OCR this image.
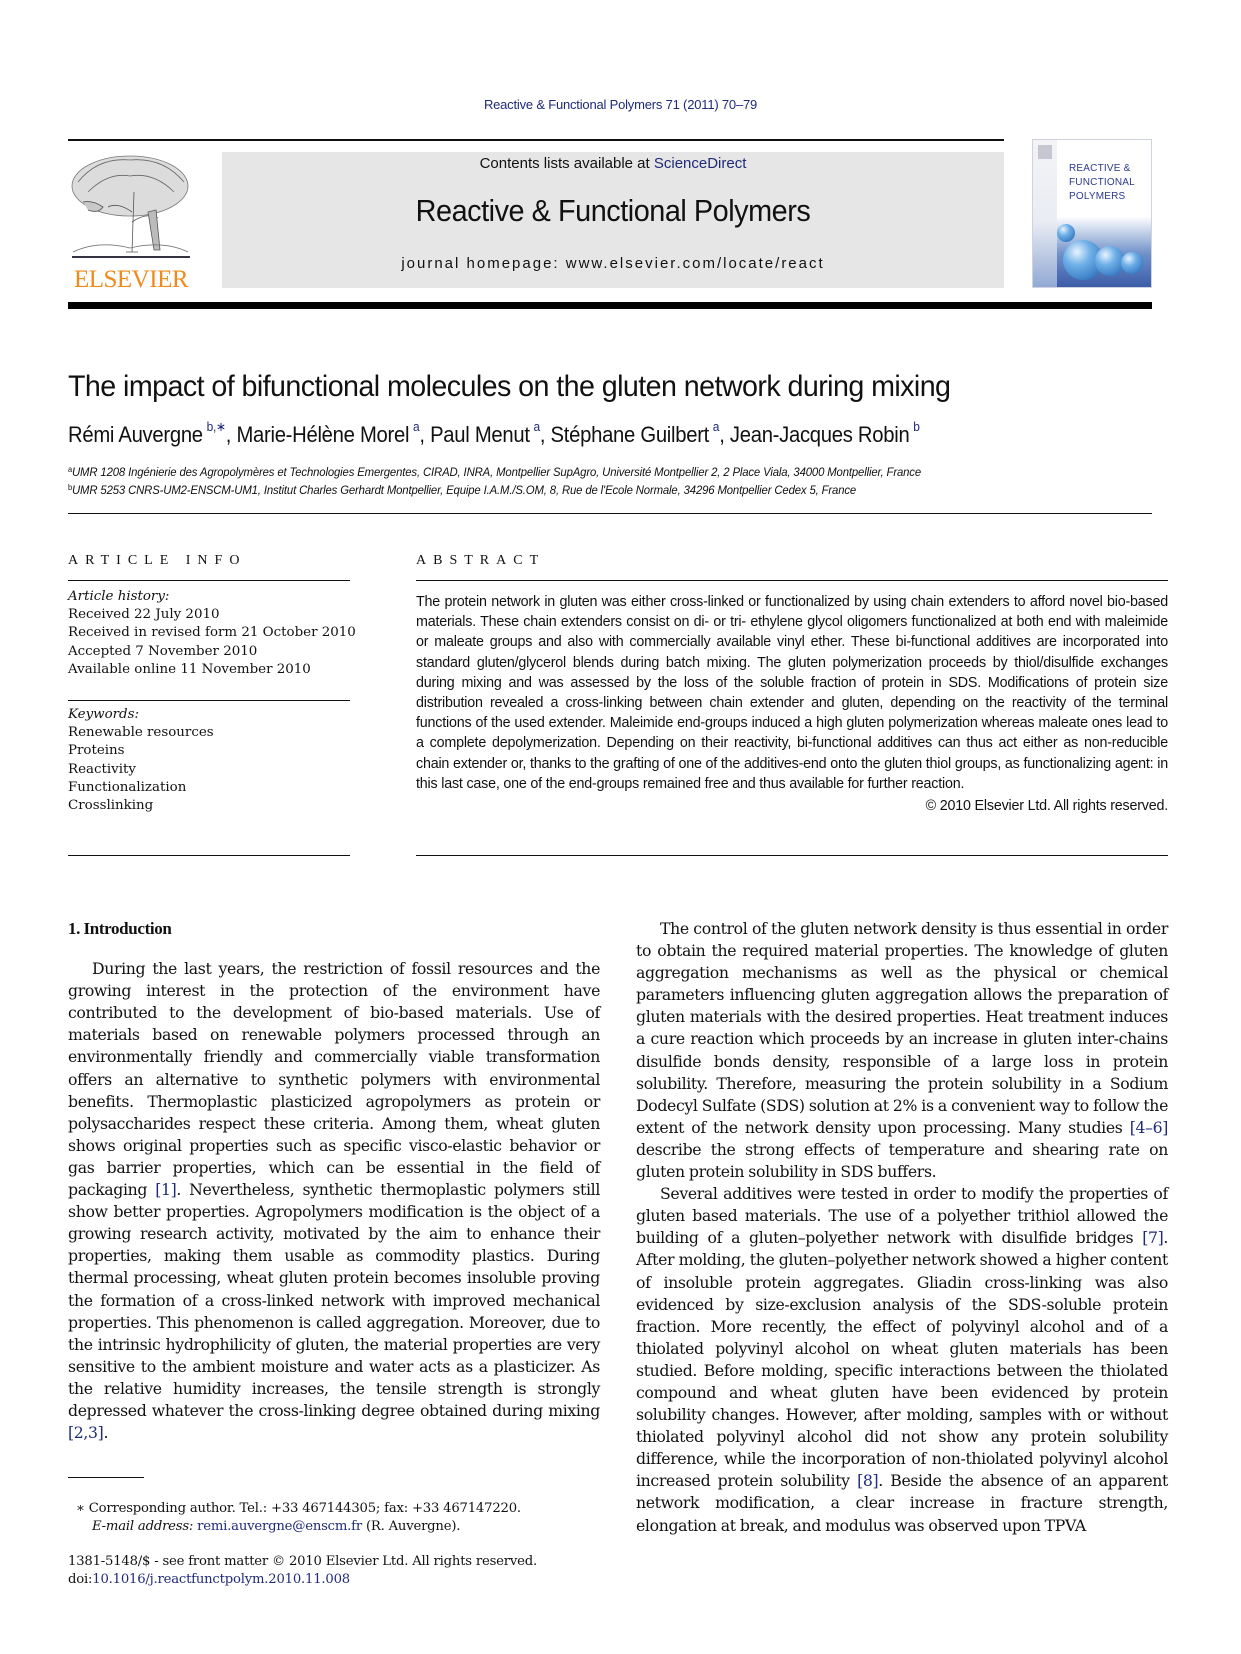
Reactive & Functional Polymers 71 (2011) 70–79
ELSEVIER
Contents lists available at ScienceDirect
Reactive & Functional Polymers
journal homepage: www.elsevier.com/locate/react
REACTIVE &
FUNCTIONAL
POLYMERS
The impact of bifunctional molecules on the gluten network during mixing
Rémi Auvergne  $^{b,∗}$, Marie-Hélène Morel  $^a$, Paul Menut  $^a$, Stéphane Guilbert  $^a$, Jean-Jacques Robin  $^b$
$^a$UMR 1208 Ingénierie des Agropolymères et Technologies Emergentes, CIRAD, INRA, Montpellier SupAgro, Université Montpellier 2, 2 Place Viala, 34000 Montpellier, France
$^b$UMR 5253 CNRS-UM2-ENSCM-UM1, Institut Charles Gerhardt Montpellier, Equipe I.A.M./S.OM, 8, Rue de l'Ecole Normale, 34296 Montpellier Cedex 5, France
ARTICLE INFO
Article history:
Received 22 July 2010
Received in revised form 21 October 2010
Accepted 7 November 2010
Available online 11 November 2010
Keywords:
Renewable resources
Proteins
Reactivity
Functionalization
Crosslinking
ABSTRACT
The protein network in gluten was either cross-linked or functionalized by using chain extenders to afford novel bio-based materials. These chain extenders consist on di- or tri- ethylene glycol oligomers functionalized at both end with maleimide or maleate groups and also with commercially available vinyl ether. These bi-functional additives are incorporated into standard gluten/glycerol blends during batch mixing. The gluten polymerization proceeds by thiol/disulfide exchanges during mixing and was assessed by the loss of the soluble fraction of protein in SDS. Modifications of protein size distribution revealed a cross-linking between chain extender and gluten, depending on the reactivity of the terminal functions of the used extender. Maleimide end-groups induced a high gluten polymerization whereas maleate ones lead to a complete depolymerization. Depending on their reactivity, bi-functional additives can thus act either as non-reducible chain extender or, thanks to the grafting of one of the additives-end onto the gluten thiol groups, as functionalizing agent: in this last case, one of the end-groups remained free and thus available for further reaction.
© 2010 Elsevier Ltd. All rights reserved.
1. Introduction

During the last years, the restriction of fossil resources and the growing interest in the protection of the environment have contributed to the development of bio-based materials. Use of materials based on renewable polymers processed through an environmentally friendly and commercially viable transformation offers an alternative to synthetic polymers with environmental benefits. Thermoplastic plasticized agropolymers as protein or polysaccharides respect these criteria. Among them, wheat gluten shows original properties such as specific visco-elastic behavior or gas barrier properties, which can be essential in the field of packaging [1]. Nevertheless, synthetic thermoplastic polymers still show better properties. Agropolymers modification is the object of a growing research activity, motivated by the aim to enhance their properties, making them usable as commodity plastics. During thermal processing, wheat gluten protein becomes insoluble proving the formation of a cross-linked network with improved mechanical properties. This phenomenon is called aggregation. Moreover, due to the intrinsic hydrophilicity of gluten, the material properties are very sensitive to the ambient moisture and water acts as a plasticizer. As the relative humidity increases, the tensile strength is strongly depressed whatever the cross-linking degree obtained during mixing [2,3].

The control of the gluten network density is thus essential in order to obtain the required material properties. The knowledge of gluten aggregation mechanisms as well as the physical or chemical parameters influencing gluten aggregation allows the preparation of gluten materials with the desired properties. Heat treatment induces a cure reaction which proceeds by an increase in gluten inter-chains disulfide bonds density, responsible of a large loss in protein solubility. Therefore, measuring the protein solubility in a Sodium Dodecyl Sulfate (SDS) solution at 2% is a convenient way to follow the extent of the network density upon processing. Many studies [4–6] describe the strong effects of temperature and shearing rate on gluten protein solubility in SDS buffers.

Several additives were tested in order to modify the properties of gluten based materials. The use of a polyether trithiol allowed the building of a gluten–polyether network with disulfide bridges [7]. After molding, the gluten–polyether network showed a higher content of insoluble protein aggregates. Gliadin cross-linking was also evidenced by size-exclusion analysis of the SDS-soluble protein fraction. More recently, the effect of polyvinyl alcohol and of a thiolated polyvinyl alcohol on wheat gluten materials has been studied. Before molding, specific interactions between the thiolated compound and wheat gluten have been evidenced by protein solubility changes. However, after molding, samples with or without thiolated polyvinyl alcohol did not show any protein solubility difference, while the incorporation of non-thiolated polyvinyl alcohol increased protein solubility [8]. Beside the absence of an apparent network modification, a clear increase in fracture strength, elongation at break, and modulus was observed upon TPVA

∗ Corresponding author. Tel.: +33 467144305; fax: +33 467147220.
E-mail address: remi.auvergne@enscm.fr (R. Auvergne).
1381-5148/$ - see front matter © 2010 Elsevier Ltd. All rights reserved.
doi:10.1016/j.reactfunctpolym.2010.11.008
